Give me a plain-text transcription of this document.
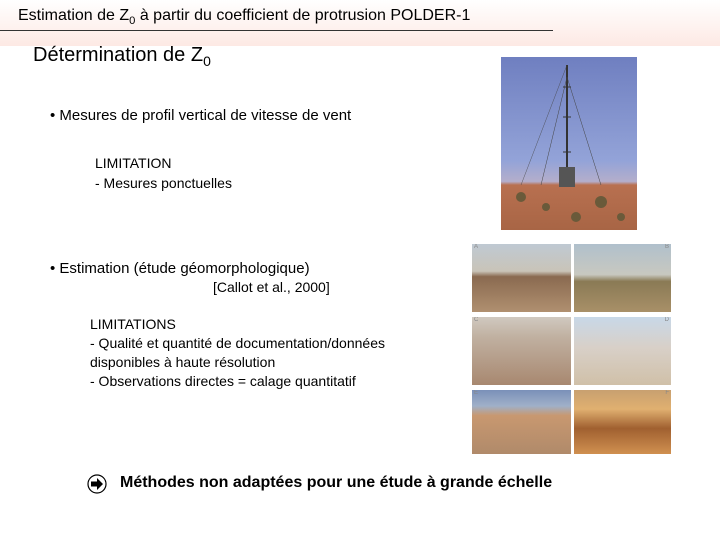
Estimation de $Z_0$ à partir du coefficient de protrusion POLDER-1
Détermination de $Z_0$
• Mesures de profil vertical de vitesse de vent
LIMITATION
- Mesures ponctuelles
• Estimation (étude géomorphologique)
[Callot et al., 2000]
LIMITATIONS
- Qualité et quantité de documentation/données
disponibles à haute résolution
- Observations directes = calage quantitatif
A	B
C	D
E	F
Méthodes non adaptées pour une étude à grande échelle
